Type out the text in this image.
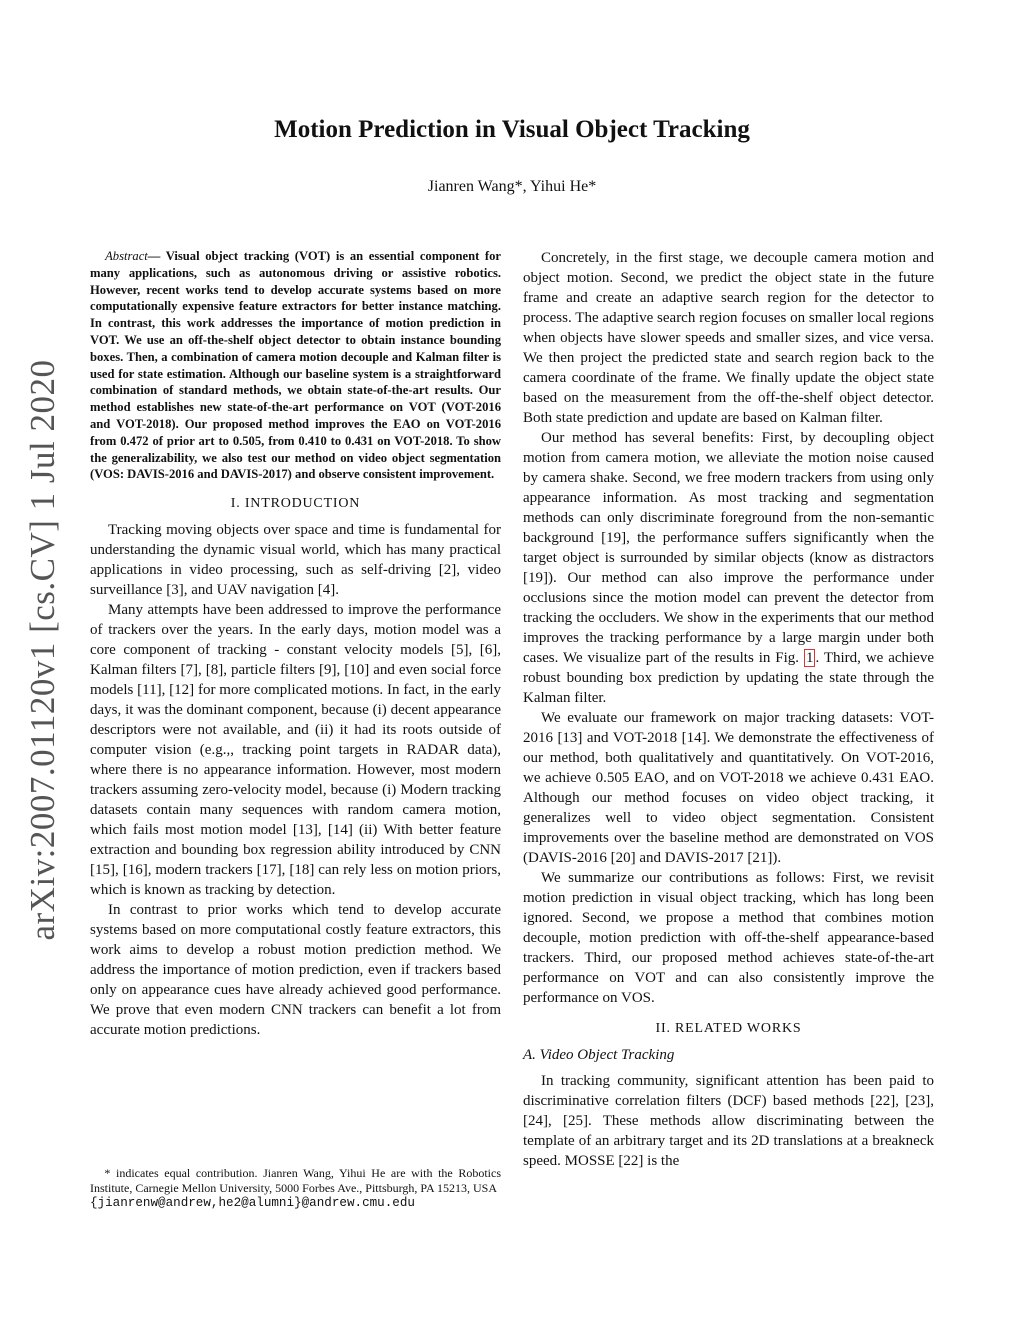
arXiv:2007.01120v1 [cs.CV] 1 Jul 2020
Motion Prediction in Visual Object Tracking
Jianren Wang*, Yihui He*

Abstract— Visual object tracking (VOT) is an essential component for many applications, such as autonomous driving or assistive robotics. However, recent works tend to develop accurate systems based on more computationally expensive feature extractors for better instance matching. In contrast, this work addresses the importance of motion prediction in VOT. We use an off-the-shelf object detector to obtain instance bounding boxes. Then, a combination of camera motion decouple and Kalman filter is used for state estimation. Although our baseline system is a straightforward combination of standard methods, we obtain state-of-the-art results. Our method establishes new state-of-the-art performance on VOT (VOT-2016 and VOT-2018). Our proposed method improves the EAO on VOT-2016 from 0.472 of prior art to 0.505, from 0.410 to 0.431 on VOT-2018. To show the generalizability, we also test our method on video object segmentation (VOS: DAVIS-2016 and DAVIS-2017) and observe consistent improvement.

I. INTRODUCTION

Tracking moving objects over space and time is fundamental for understanding the dynamic visual world, which has many practical applications in video processing, such as self-driving [2], video surveillance [3], and UAV navigation [4].

Many attempts have been addressed to improve the performance of trackers over the years. In the early days, motion model was a core component of tracking - constant velocity models [5], [6], Kalman filters [7], [8], particle filters [9], [10] and even social force models [11], [12] for more complicated motions. In fact, in the early days, it was the dominant component, because (i) decent appearance descriptors were not available, and (ii) it had its roots outside of computer vision (e.g.,, tracking point targets in RADAR data), where there is no appearance information. However, most modern trackers assuming zero-velocity model, because (i) Modern tracking datasets contain many sequences with random camera motion, which fails most motion model [13], [14] (ii) With better feature extraction and bounding box regression ability introduced by CNN [15], [16], modern trackers [17], [18] can rely less on motion priors, which is known as tracking by detection.

In contrast to prior works which tend to develop accurate systems based on more computational costly feature extractors, this work aims to develop a robust motion prediction method. We address the importance of motion prediction, even if trackers based only on appearance cues have already achieved good performance. We prove that even modern CNN trackers can benefit a lot from accurate motion predictions.

* indicates equal contribution. Jianren Wang, Yihui He are with the Robotics Institute, Carnegie Mellon University, 5000 Forbes Ave., Pittsburgh, PA 15213, USA
{jianrenw@andrew,he2@alumni}@andrew.cmu.edu

Concretely, in the first stage, we decouple camera motion and object motion. Second, we predict the object state in the future frame and create an adaptive search region for the detector to process. The adaptive search region focuses on smaller local regions when objects have slower speeds and smaller sizes, and vice versa. We then project the predicted state and search region back to the camera coordinate of the frame. We finally update the object state based on the measurement from the off-the-shelf object detector. Both state prediction and update are based on Kalman filter.

Our method has several benefits: First, by decoupling object motion from camera motion, we alleviate the motion noise caused by camera shake. Second, we free modern trackers from using only appearance information. As most tracking and segmentation methods can only discriminate foreground from the non-semantic background [19], the performance suffers significantly when the target object is surrounded by similar objects (know as distractors [19]). Our method can also improve the performance under occlusions since the motion model can prevent the detector from tracking the occluders. We show in the experiments that our method improves the tracking performance by a large margin under both cases. We visualize part of the results in Fig. 1 . Third, we achieve robust bounding box prediction by updating the state through the Kalman filter.

We evaluate our framework on major tracking datasets: VOT-2016 [13] and VOT-2018 [14]. We demonstrate the effectiveness of our method, both qualitatively and quantitatively. On VOT-2016, we achieve 0.505 EAO, and on VOT-2018 we achieve 0.431 EAO. Although our method focuses on video object tracking, it generalizes well to video object segmentation. Consistent improvements over the baseline method are demonstrated on VOS (DAVIS-2016 [20] and DAVIS-2017 [21]).

We summarize our contributions as follows: First, we revisit motion prediction in visual object tracking, which has long been ignored. Second, we propose a method that combines motion decouple, motion prediction with off-the-shelf appearance-based trackers. Third, our proposed method achieves state-of-the-art performance on VOT and can also consistently improve the performance on VOS.

II. RELATED WORKS
A. Video Object Tracking

In tracking community, significant attention has been paid to discriminative correlation filters (DCF) based methods [22], [23], [24], [25]. These methods allow discriminating between the template of an arbitrary target and its 2D translations at a breakneck speed. MOSSE [22] is the
